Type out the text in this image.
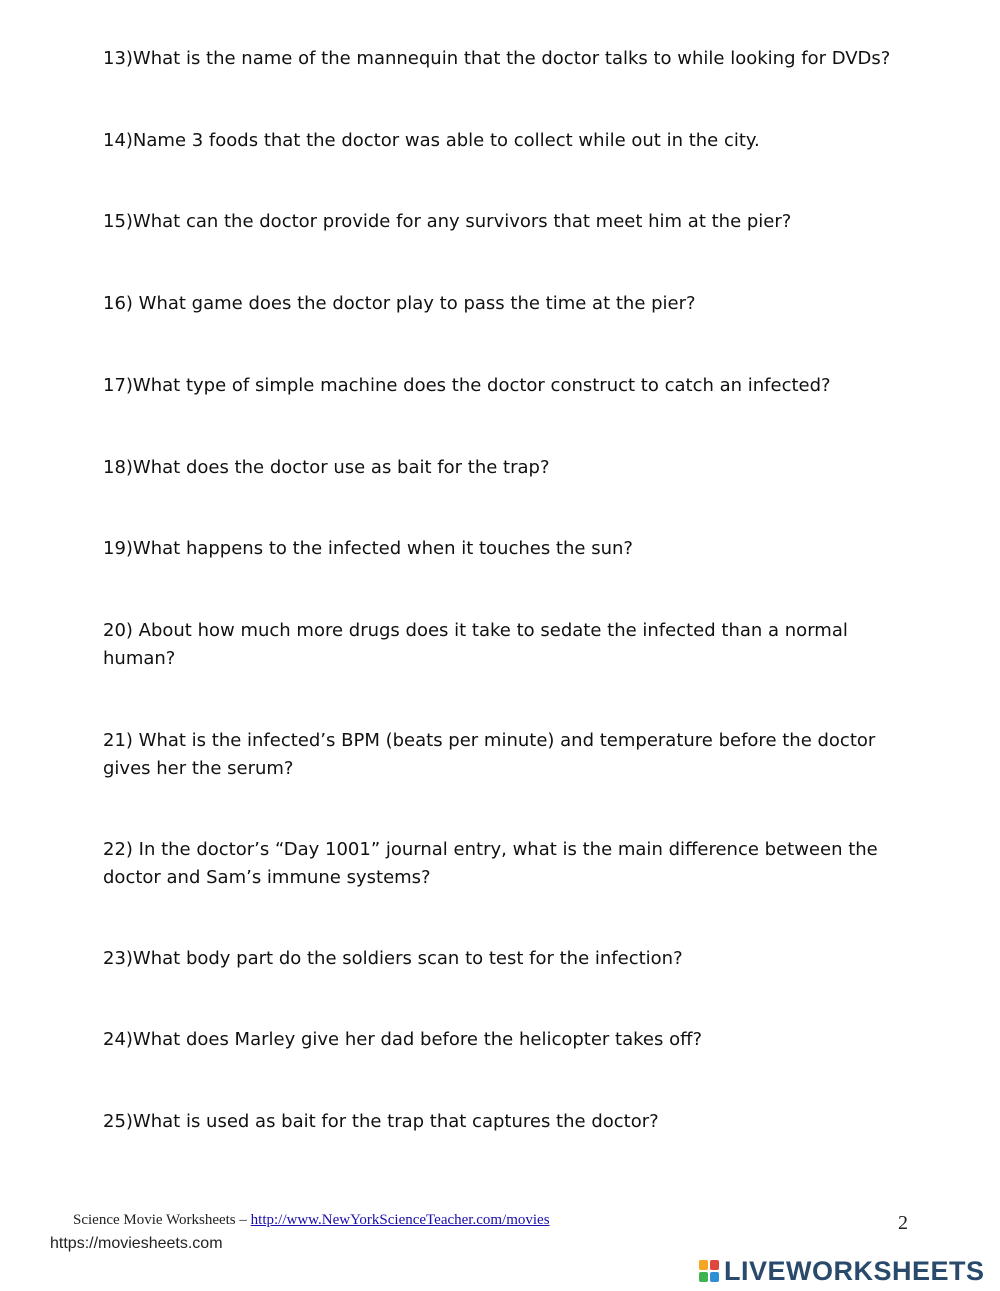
13)What is the name of the mannequin that the doctor talks to while looking for DVDs?

14)Name 3 foods that the doctor was able to collect while out in the city.

15)What can the doctor provide for any survivors that meet him at the pier?

16) What game does the doctor play to pass the time at the pier?

17)What type of simple machine does the doctor construct to catch an infected?

18)What does the doctor use as bait for the trap?

19)What happens to the infected when it touches the sun?

20) About how much more drugs does it take to sedate the infected than a normal human?

21) What is the infected’s BPM (beats per minute) and temperature before the doctor gives her the serum?

22) In the doctor’s “Day 1001” journal entry, what is the main difference between the doctor and Sam’s immune systems?

23)What body part do the soldiers scan to test for the infection?

24)What does Marley give her dad before the helicopter takes off?

25)What is used as bait for the trap that captures the doctor?

Science Movie Worksheets – http://www.NewYorkScienceTeacher.com/movies	2
https://moviesheets.com
LIVEWORKSHEETS
